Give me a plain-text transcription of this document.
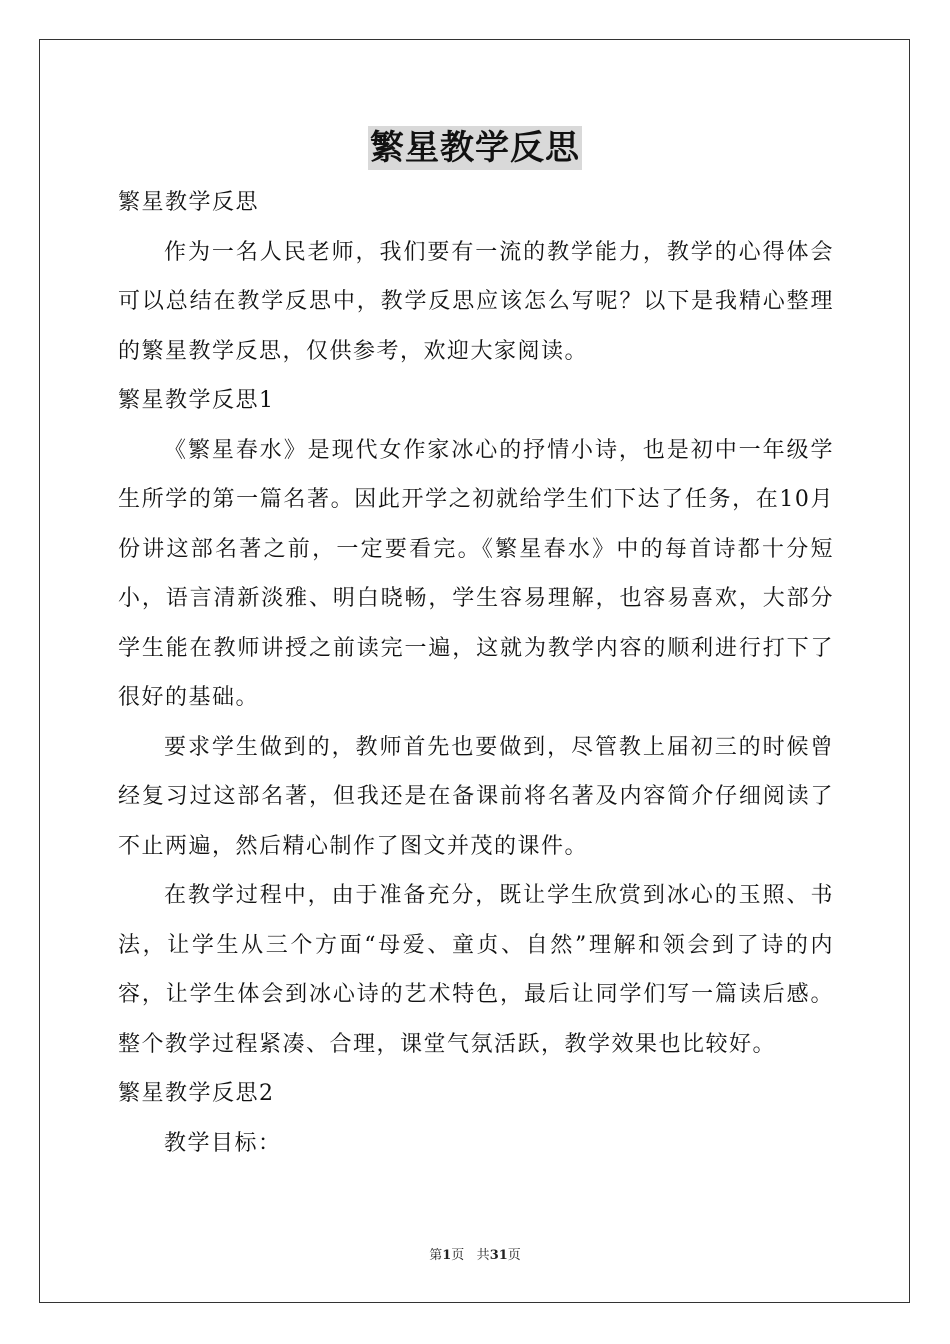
繁星教学反思

繁星教学反思

作为一名人民老师，我们要有一流的教学能力，教学的心得体会可以总结在教学反思中，教学反思应该怎么写呢？以下是我精心整理的繁星教学反思，仅供参考，欢迎大家阅读。

繁星教学反思1

《繁星春水》是现代女作家冰心的抒情小诗，也是初中一年级学生所学的第一篇名著。因此开学之初就给学生们下达了任务，在10月份讲这部名著之前，一定要看完。《繁星春水》中的每首诗都十分短小，语言清新淡雅、明白晓畅，学生容易理解，也容易喜欢，大部分学生能在教师讲授之前读完一遍，这就为教学内容的顺利进行打下了很好的基础。

要求学生做到的，教师首先也要做到，尽管教上届初三的时候曾经复习过这部名著，但我还是在备课前将名著及内容简介仔细阅读了不止两遍，然后精心制作了图文并茂的课件。

在教学过程中，由于准备充分，既让学生欣赏到冰心的玉照、书法，让学生从三个方面“母爱、童贞、自然”理解和领会到了诗的内容，让学生体会到冰心诗的艺术特色，最后让同学们写一篇读后感。整个教学过程紧凑、合理，课堂气氛活跃，教学效果也比较好。

繁星教学反思2

教学目标：

第1页 共31页
